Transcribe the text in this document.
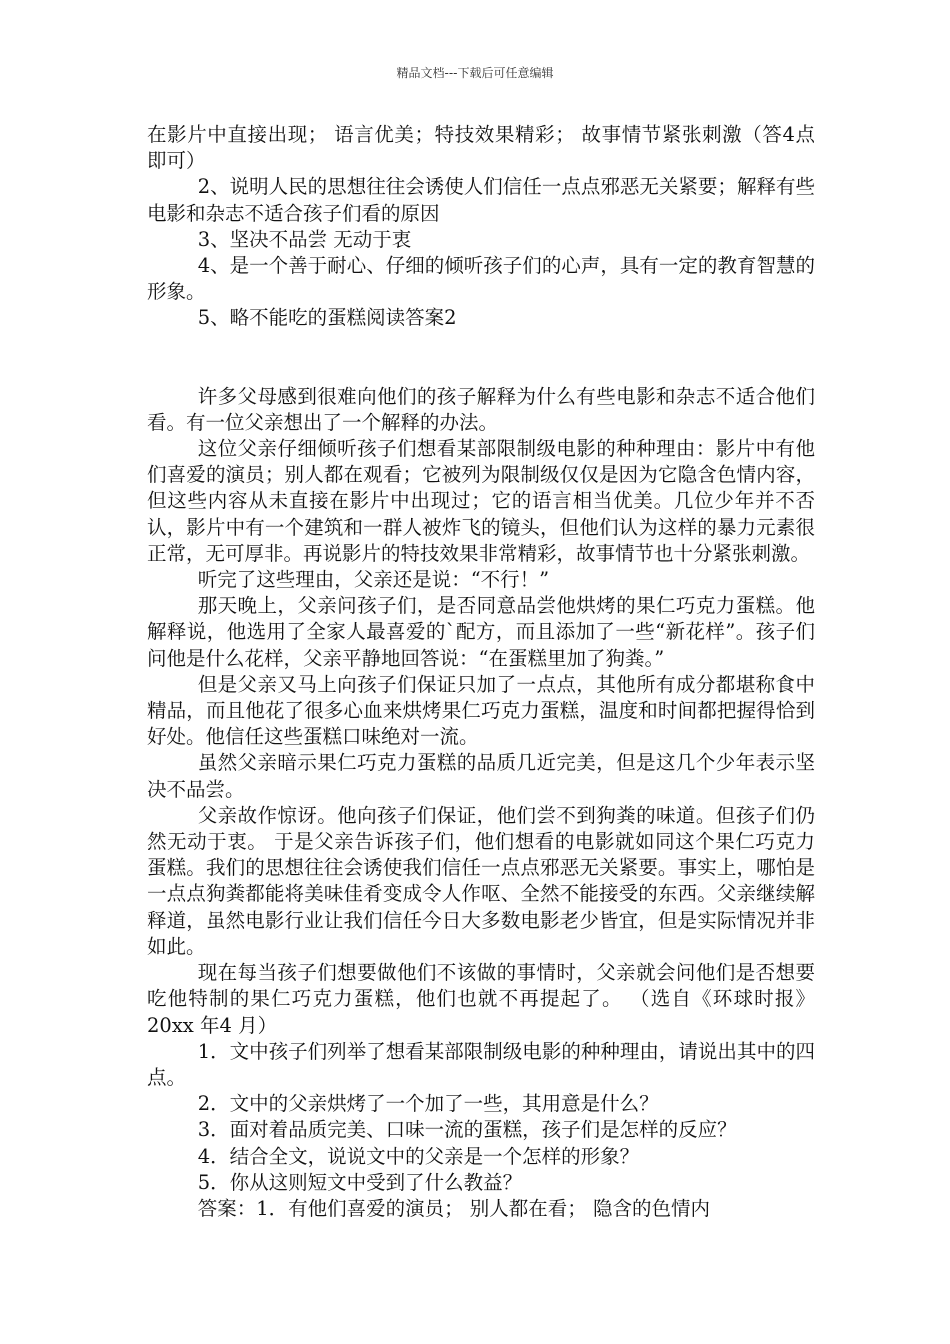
精品文档---下载后可任意编辑

在影片中直接出现； 语言优美；特技效果精彩； 故事情节紧张刺激（答4点即可）

2、说明人民的思想往往会诱使人们信任一点点邪恶无关紧要；解释有些电影和杂志不适合孩子们看的原因

3、坚决不品尝 无动于衷

4、是一个善于耐心、仔细的倾听孩子们的心声，具有一定的教育智慧的形象。

5、略不能吃的蛋糕阅读答案2

许多父母感到很难向他们的孩子解释为什么有些电影和杂志不适合他们看。有一位父亲想出了一个解释的办法。

这位父亲仔细倾听孩子们想看某部限制级电影的种种理由：影片中有他们喜爱的演员；别人都在观看；它被列为限制级仅仅是因为它隐含色情内容，但这些内容从未直接在影片中出现过；它的语言相当优美。几位少年并不否认，影片中有一个建筑和一群人被炸飞的镜头，但他们认为这样的暴力元素很正常，无可厚非。再说影片的特技效果非常精彩，故事情节也十分紧张刺激。

听完了这些理由，父亲还是说：“不行！”

那天晚上，父亲问孩子们，是否同意品尝他烘烤的果仁巧克力蛋糕。他解释说，他选用了全家人最喜爱的`配方，而且添加了一些“新花样”。孩子们问他是什么花样，父亲平静地回答说：“在蛋糕里加了狗粪。”

但是父亲又马上向孩子们保证只加了一点点，其他所有成分都堪称食中精品，而且他花了很多心血来烘烤果仁巧克力蛋糕，温度和时间都把握得恰到好处。他信任这些蛋糕口味绝对一流。

虽然父亲暗示果仁巧克力蛋糕的品质几近完美，但是这几个少年表示坚决不品尝。

父亲故作惊讶。他向孩子们保证，他们尝不到狗粪的味道。但孩子们仍然无动于衷。 于是父亲告诉孩子们，他们想看的电影就如同这个果仁巧克力蛋糕。我们的思想往往会诱使我们信任一点点邪恶无关紧要。事实上，哪怕是一点点狗粪都能将美味佳肴变成令人作呕、全然不能接受的东西。父亲继续解释道，虽然电影行业让我们信任今日大多数电影老少皆宜，但是实际情况并非如此。

现在每当孩子们想要做他们不该做的事情时，父亲就会问他们是否想要吃他特制的果仁巧克力蛋糕，他们也就不再提起了。 （选自《环球时报》20xx 年4 月）

1．文中孩子们列举了想看某部限制级电影的种种理由，请说出其中的四点。

2．文中的父亲烘烤了一个加了一些，其用意是什么？

3．面对着品质完美、口味一流的蛋糕，孩子们是怎样的反应？

4．结合全文，说说文中的父亲是一个怎样的形象？

5．你从这则短文中受到了什么教益？

答案：1．有他们喜爱的演员； 别人都在看； 隐含的色情内
